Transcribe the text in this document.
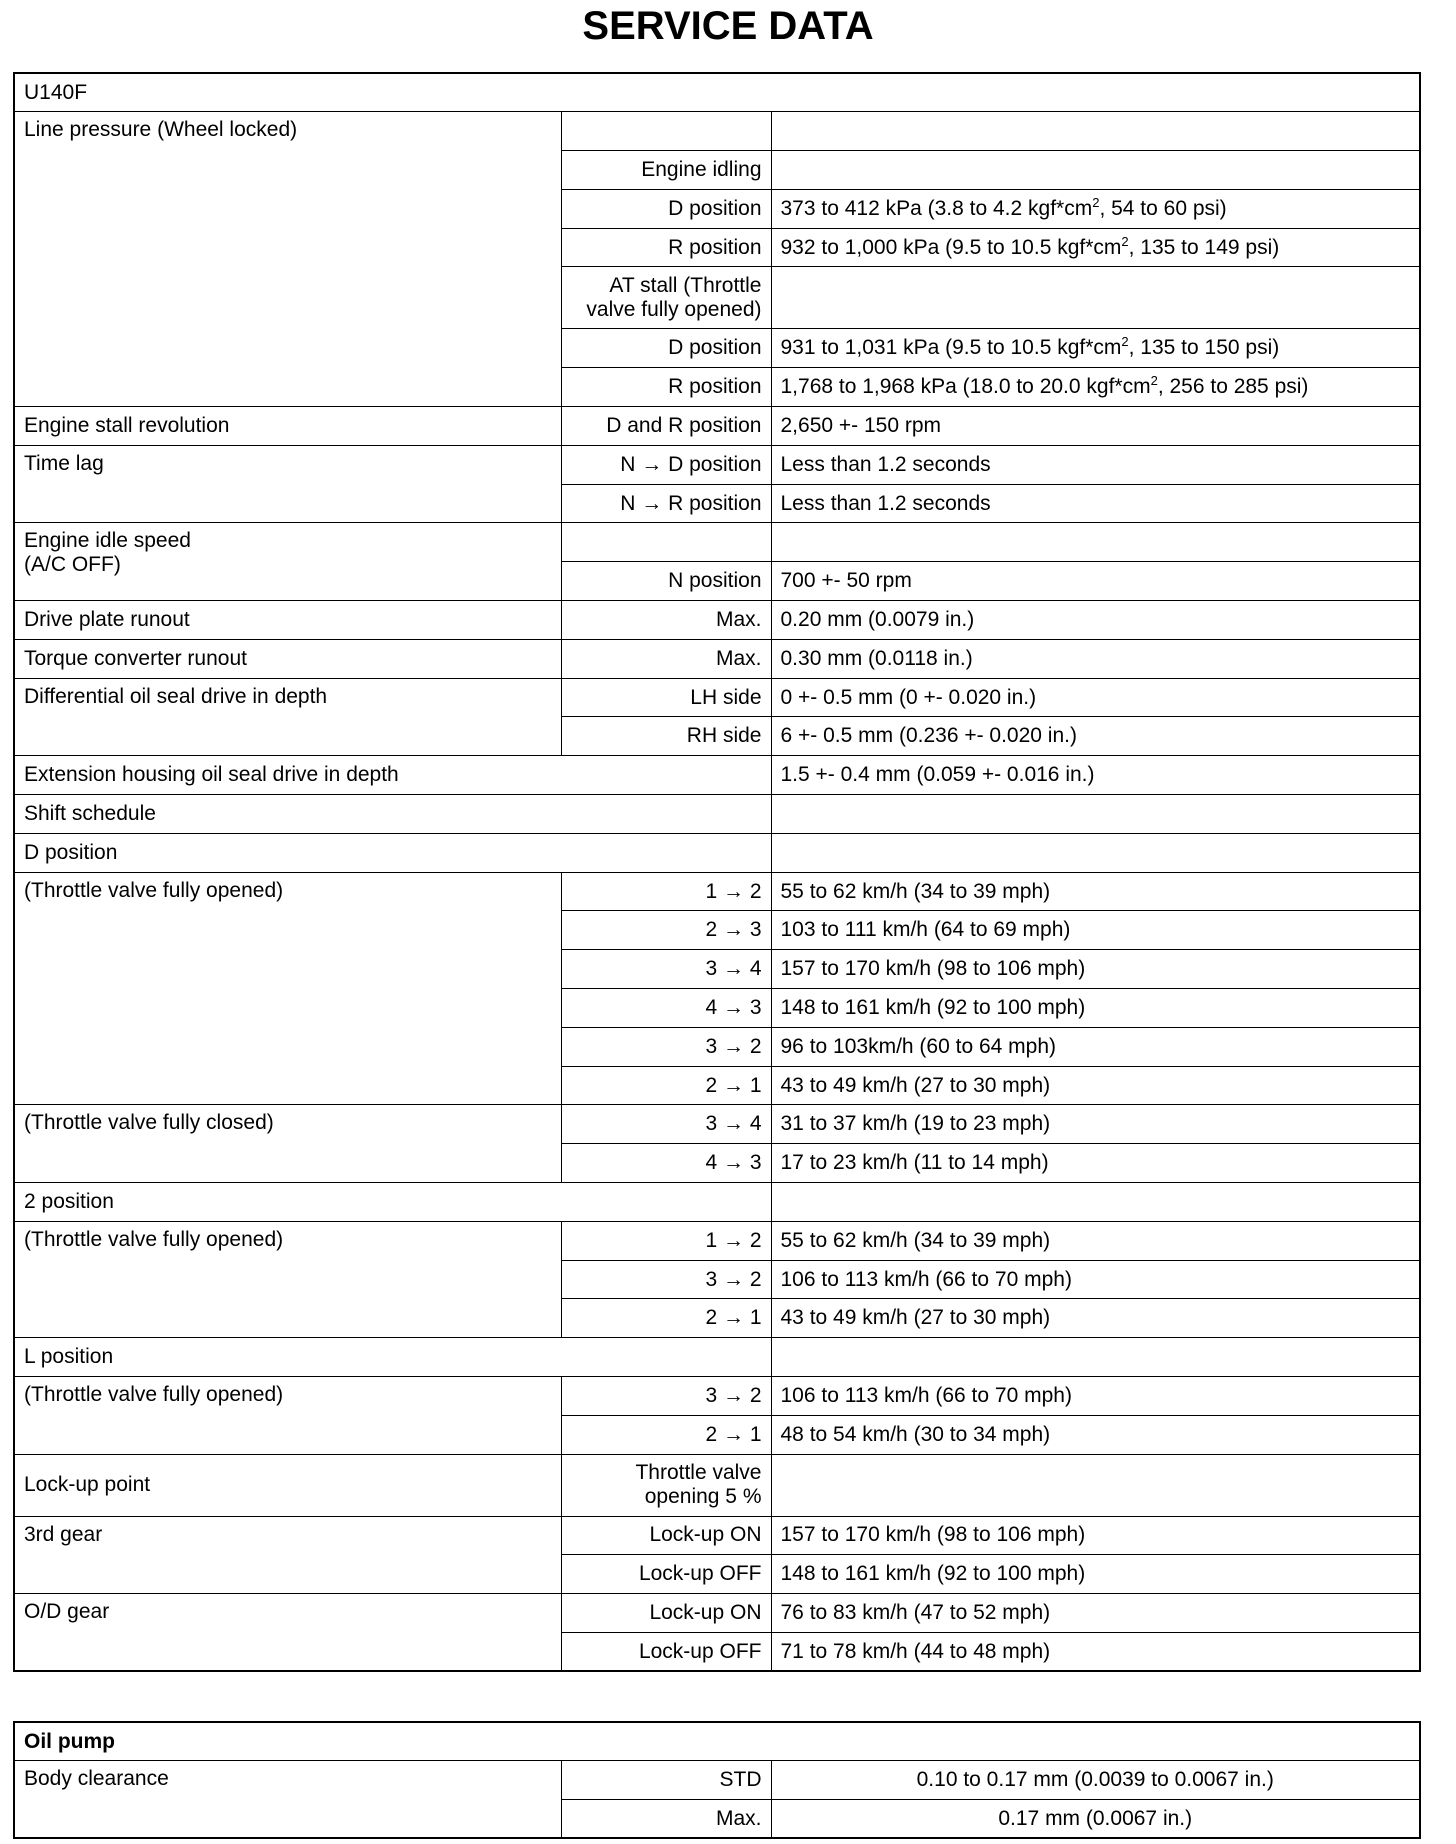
SERVICE DATA
U140F		
Line pressure (Wheel locked)		
	Engine idling	
	D position	373 to 412 kPa (3.8 to 4.2 $kgf*cm^2$, 54 to 60 psi)
	R position	932 to 1,000 kPa (9.5 to 10.5 $kgf*cm^2$, 135 to 149 psi)
	AT stall (Throttle valve fully opened)	
	D position	931 to 1,031 kPa (9.5 to 10.5 $kgf*cm^2$, 135 to 150 psi)
	R position	1,768 to 1,968 kPa (18.0 to 20.0 $kgf*cm^2$, 256 to 285 psi)
Engine stall revolution	D and R position	2,650 +- 150 rpm
Time lag	N → D position	Less than 1.2 seconds
	N → R position	Less than 1.2 seconds

Engine idle speed
(A/C OFF)		

	N position	700 +- 50 rpm
Drive plate runout	Max.	0.20 mm (0.0079 in.)
Torque converter runout	Max.	0.30 mm (0.0118 in.)
Differential oil seal drive in depth	LH side	0 +- 0.5 mm (0 +- 0.020 in.)
	RH side	6 +- 0.5 mm (0.236 +- 0.020 in.)
Extension housing oil seal drive in depth		1.5 +- 0.4 mm (0.059 +- 0.016 in.)
Shift schedule		
D position		
(Throttle valve fully opened)	1 → 2	55 to 62 km/h (34 to 39 mph)
	2 → 3	103 to 111 km/h (64 to 69 mph)
	3 → 4	157 to 170 km/h (98 to 106 mph)
	4 → 3	148 to 161 km/h (92 to 100 mph)
	3 → 2	96 to 103km/h (60 to 64 mph)
	2 → 1	43 to 49 km/h (27 to 30 mph)
(Throttle valve fully closed)	3 → 4	31 to 37 km/h (19 to 23 mph)
	4 → 3	17 to 23 km/h (11 to 14 mph)
2 position		
(Throttle valve fully opened)	1 → 2	55 to 62 km/h (34 to 39 mph)
	3 → 2	106 to 113 km/h (66 to 70 mph)
	2 → 1	43 to 49 km/h (27 to 30 mph)
L position		
(Throttle valve fully opened)	3 → 2	106 to 113 km/h (66 to 70 mph)
	2 → 1	48 to 54 km/h (30 to 34 mph)
Lock-up point	Throttle valve opening 5 %	
3rd gear	Lock-up ON	157 to 170 km/h (98 to 106 mph)
	Lock-up OFF	148 to 161 km/h (92 to 100 mph)
O/D gear	Lock-up ON	76 to 83 km/h (47 to 52 mph)
	Lock-up OFF	71 to 78 km/h (44 to 48 mph)
Oil pump		
Body clearance	STD	0.10 to 0.17 mm (0.0039 to 0.0067 in.)
	Max.	0.17 mm (0.0067 in.)
